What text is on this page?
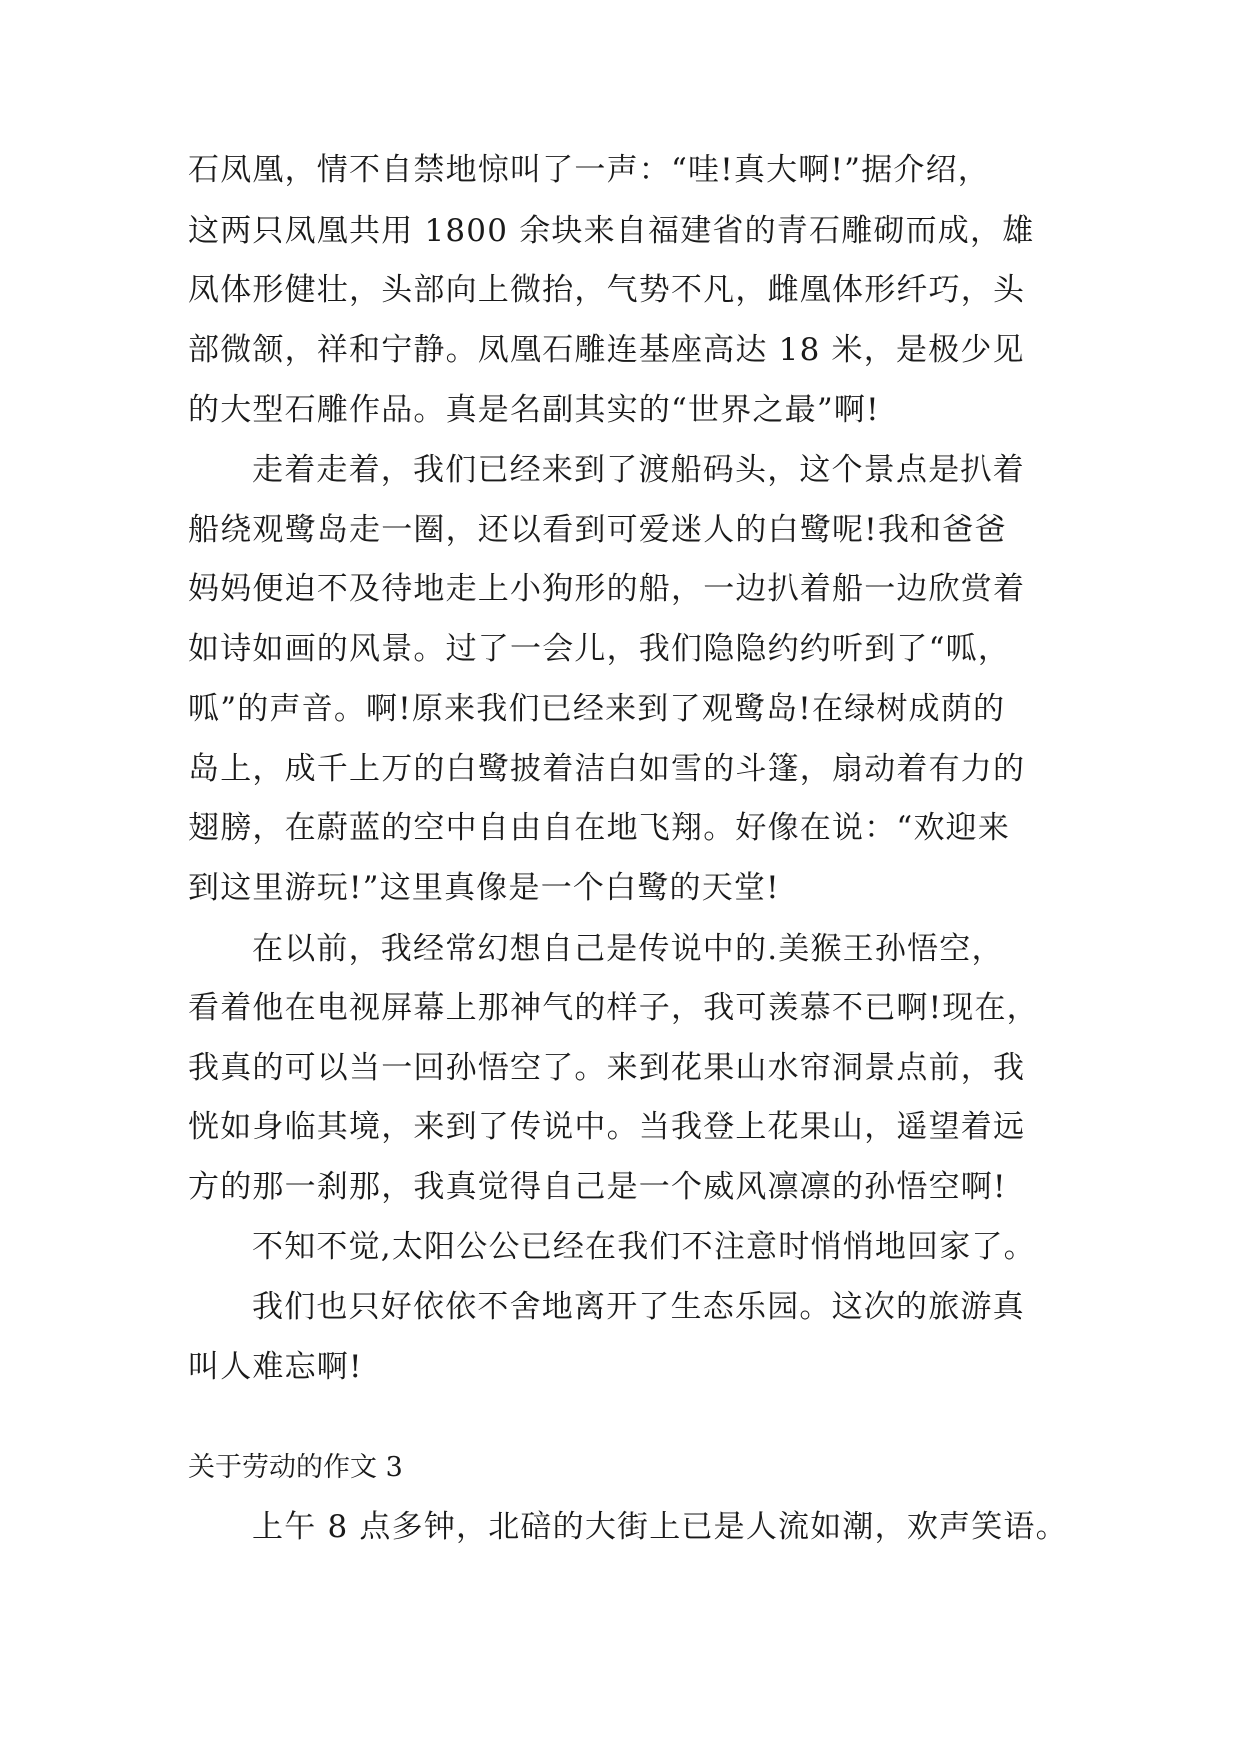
石凤凰，情不自禁地惊叫了一声：“哇!真大啊!”据介绍，
这两只凤凰共用 1800 余块来自福建省的青石雕砌而成，雄
凤体形健壮，头部向上微抬，气势不凡，雌凰体形纤巧，头
部微颔，祥和宁静。凤凰石雕连基座高达 18 米，是极少见
的大型石雕作品。真是名副其实的“世界之最”啊!
走着走着，我们已经来到了渡船码头，这个景点是扒着
船绕观鹭岛走一圈，还以看到可爱迷人的白鹭呢!我和爸爸
妈妈便迫不及待地走上小狗形的船，一边扒着船一边欣赏着
如诗如画的风景。过了一会儿，我们隐隐约约听到了“呱，
呱”的声音。啊!原来我们已经来到了观鹭岛!在绿树成荫的
岛上，成千上万的白鹭披着洁白如雪的斗篷，扇动着有力的
翅膀，在蔚蓝的空中自由自在地飞翔。好像在说：“欢迎来
到这里游玩!”这里真像是一个白鹭的天堂!
在以前，我经常幻想自己是传说中的.美猴王孙悟空，
看着他在电视屏幕上那神气的样子，我可羡慕不已啊!现在，
我真的可以当一回孙悟空了。来到花果山水帘洞景点前，我
恍如身临其境，来到了传说中。当我登上花果山，遥望着远
方的那一刹那，我真觉得自己是一个威风凛凛的孙悟空啊!
不知不觉,太阳公公已经在我们不注意时悄悄地回家了。
我们也只好依依不舍地离开了生态乐园。这次的旅游真
叫人难忘啊!
关于劳动的作文 3
上午 8 点多钟，北碚的大街上已是人流如潮，欢声笑语。
